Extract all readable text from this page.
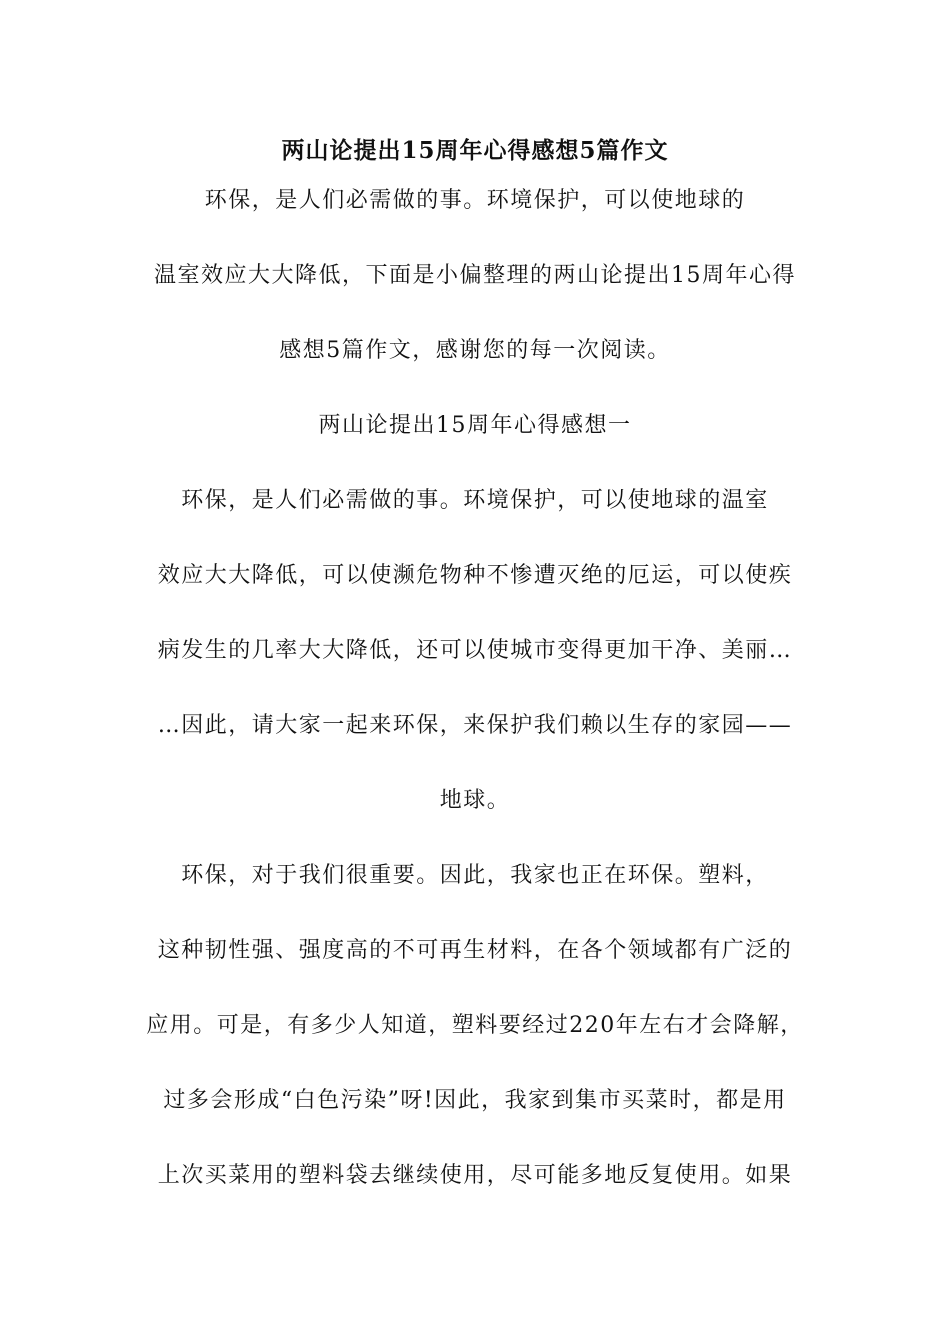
两山论提出15周年心得感想5篇作文
环保，是人们必需做的事。环境保护，可以使地球的
温室效应大大降低，下面是小偏整理的两山论提出15周年心得
感想5篇作文，感谢您的每一次阅读。
两山论提出15周年心得感想一
环保，是人们必需做的事。环境保护，可以使地球的温室
效应大大降低，可以使濒危物种不惨遭灭绝的厄运，可以使疾
病发生的几率大大降低，还可以使城市变得更加干净、美丽…
…因此，请大家一起来环保，来保护我们赖以生存的家园——
地球。
环保，对于我们很重要。因此，我家也正在环保。塑料，
这种韧性强、强度高的不可再生材料，在各个领域都有广泛的
应用。可是，有多少人知道，塑料要经过220年左右才会降解，
过多会形成“白色污染”呀!因此，我家到集市买菜时，都是用
上次买菜用的塑料袋去继续使用，尽可能多地反复使用。如果
